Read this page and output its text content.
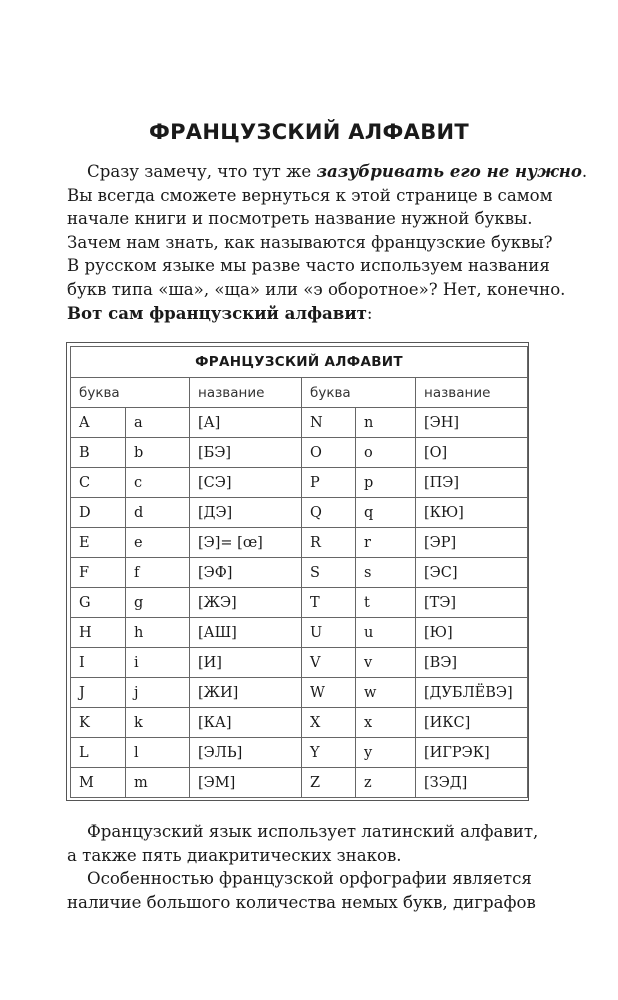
ФРАНЦУЗСКИЙ АЛФАВИТ
Сразу замечу, что тут же зазубривать его не нужно.
Вы всегда сможете вернуться к этой странице в самом
начале книги и посмотреть название нужной буквы.
Зачем нам знать, как называются французские буквы?
В русском языке мы разве часто используем названия
букв типа «ша», «ща» или «э оборотное»? Нет, конечно.
Вот сам французский алфавит:
ФРАНЦУЗСКИЙ АЛФАВИТ					
буква		название	буква		название
A	a	[А]	N	n	[ЭН]
B	b	[БЭ]	O	o	[О]
C	c	[СЭ]	P	p	[ПЭ]
D	d	[ДЭ]	Q	q	[КЮ]
E	e	[Э]= [œ]	R	r	[ЭР]
F	f	[ЭФ]	S	s	[ЭС]
G	g	[ЖЭ]	T	t	[ТЭ]
H	h	[АШ]	U	u	[Ю]
I	i	[И]	V	v	[ВЭ]
J	j	[ЖИ]	W	w	[ДУБЛЁВЭ]
K	k	[КА]	X	x	[ИКС]
L	l	[ЭЛЬ]	Y	y	[ИГРЭК]
M	m	[ЭМ]	Z	z	[ЗЭД]
Французский язык использует латинский алфавит,
а также пять диакритических знаков.
Особенностью французской орфографии является
наличие большого количества немых букв, диграфов
